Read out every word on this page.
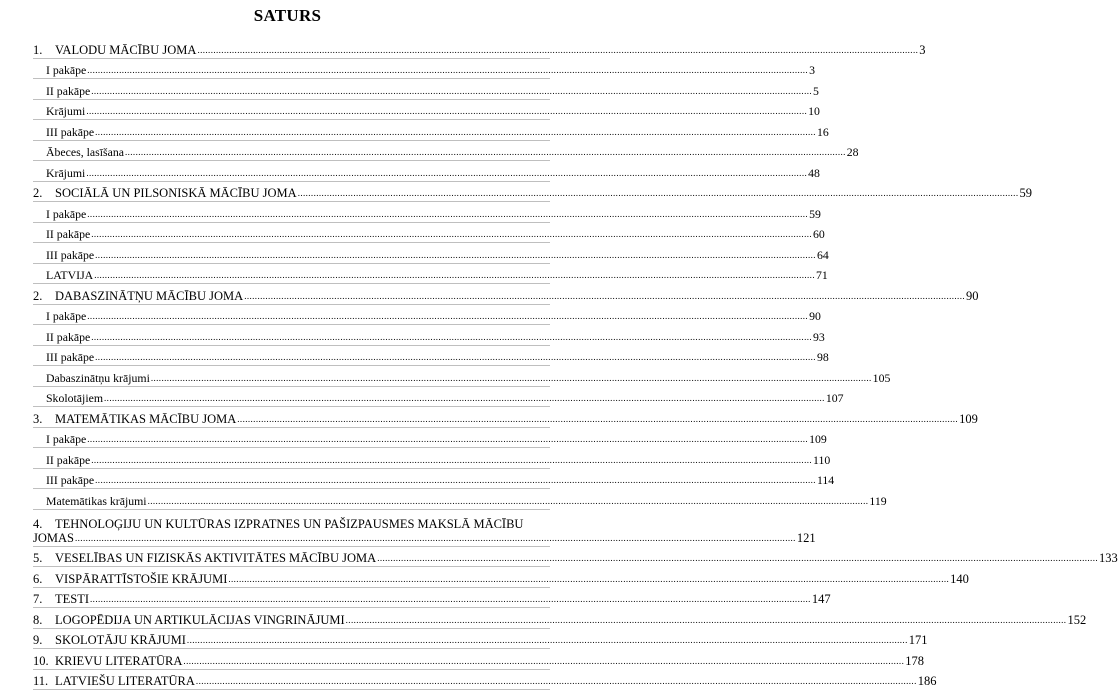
SATURS
1.	VALODU MĀCĪBU JOMA .....	3
I pakāpe .....	3
II pakāpe .....	5
Krājumi .....	10
III pakāpe .....	16
Ābeces, lasīšana .....	28
Krājumi .....	48
2.	SOCIĀLĀ UN PILSONISKĀ MĀCĪBU JOMA .....	59
I pakāpe .....	59
II pakāpe .....	60
III pakāpe .....	64
LATVIJA .....	71
2.	DABASZINĀTŅU MĀCĪBU JOMA .....	90
I pakāpe .....	90
II pakāpe .....	93
III pakāpe .....	98
Dabaszinātņu krājumi .....	105
Skolotājiem .....	107
3.	MATEMĀTIKAS MĀCĪBU JOMA .....	109
I pakāpe .....	109
II pakāpe .....	110
III pakāpe .....	114
Matemātikas krājumi .....	119
4. TEHNOLOĢIJU UN KULTŪRAS IZPRATNES UN PAŠIZPAUSMES MAKSLĀ MĀCĪBU
JOMAS .....	121
5.	VESELĪBAS UN FIZISKĀS AKTIVITĀTES MĀCĪBU JOMA .....	133
6.	VISPĀRATTĪSTOŠIE KRĀJUMI .....	140
7.	TESTI .....	147
8.	LOGOPĒDIJA UN ARTIKULĀCIJAS VINGRINĀJUMI .....	152
9.	SKOLOTĀJU KRĀJUMI .....	171
10. KRIEVU LITERATŪRA .....	178
11. LATVIEŠU LITERATŪRA .....	186
